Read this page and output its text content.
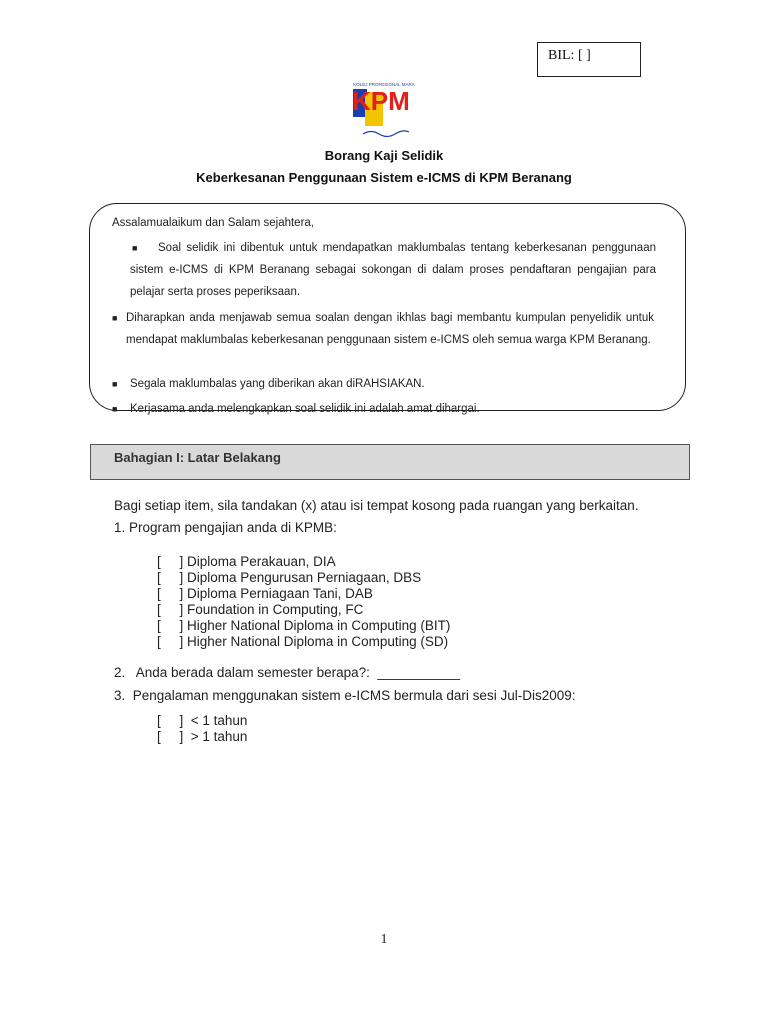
BIL: [ ]
KOLEJ PROFESIONAL MARA
KPM
Borang Kaji Selidik
Keberkesanan Penggunaan Sistem e-ICMS di KPM Beranang
Assalamualaikum dan Salam sejahtera,
■	Soal selidik ini dibentuk untuk mendapatkan maklumbalas tentang keberkesanan penggunaan sistem e-ICMS di KPM Beranang sebagai sokongan di dalam proses pendaftaran pengajian para pelajar serta proses peperiksaan.
■ Diharapkan anda menjawab semua soalan dengan ikhlas bagi membantu kumpulan penyelidik untuk mendapat maklumbalas keberkesanan penggunaan sistem e-ICMS oleh semua warga KPM Beranang.
■ Segala maklumbalas yang diberikan akan diRAHSIAKAN.
■ Kerjasama anda melengkapkan soal selidik ini adalah amat dihargai.
Bahagian I: Latar Belakang
Bagi setiap item, sila tandakan (x) atau isi tempat kosong pada ruangan yang berkaitan.
1. Program pengajian anda di KPMB:
[     ] Diploma Perakauan, DIA
[     ] Diploma Pengurusan Perniagaan, DBS
[     ] Diploma Perniagaan Tani, DAB
[     ] Foundation in Computing, FC
[     ] Higher National Diploma in Computing (BIT)
[     ] Higher National Diploma in Computing (SD)
2.   Anda berada dalam semester berapa?:  ___________
3.  Pengalaman menggunakan sistem e-ICMS bermula dari sesi Jul-Dis2009:
[     ]  < 1 tahun
[     ]  > 1 tahun
1
